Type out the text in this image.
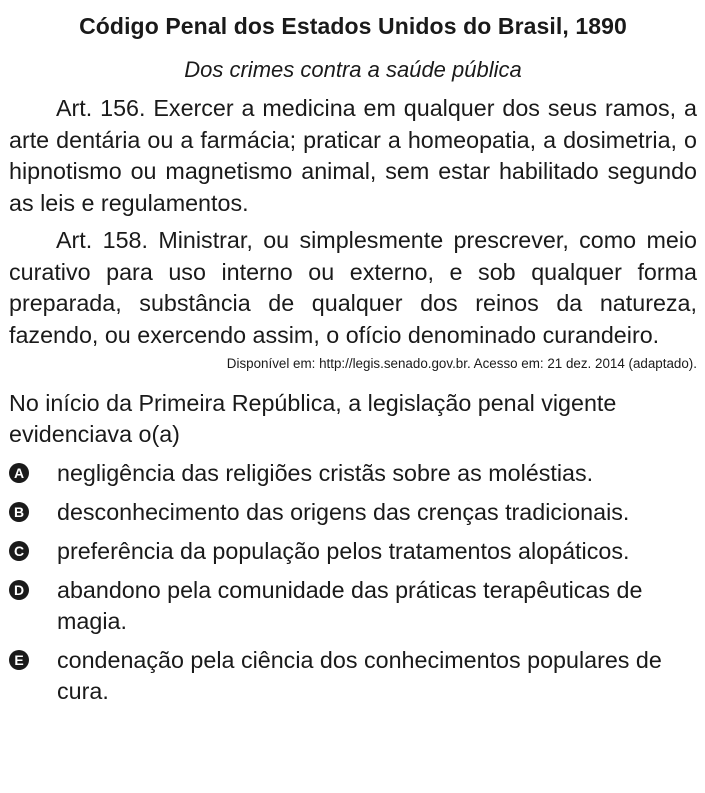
Código Penal dos Estados Unidos do Brasil, 1890
Dos crimes contra a saúde pública

Art. 156. Exercer a medicina em qualquer dos seus ramos, a arte dentária ou a farmácia; praticar a homeopatia, a dosimetria, o hipnotismo ou magnetismo animal, sem estar habilitado segundo as leis e regulamentos.

Art. 158. Ministrar, ou simplesmente prescrever, como meio curativo para uso interno ou externo, e sob qualquer forma preparada, substância de qualquer dos reinos da natureza, fazendo, ou exercendo assim, o ofício denominado curandeiro.

Disponível em: http://legis.senado.gov.br. Acesso em: 21 dez. 2014 (adaptado).
No início da Primeira República, a legislação penal vigente evidenciava o(a)
A negligência das religiões cristãs sobre as moléstias.
B desconhecimento das origens das crenças tradicionais.
C preferência da população pelos tratamentos alopáticos.
D abandono pela comunidade das práticas terapêuticas de magia.
E condenação pela ciência dos conhecimentos populares de cura.
